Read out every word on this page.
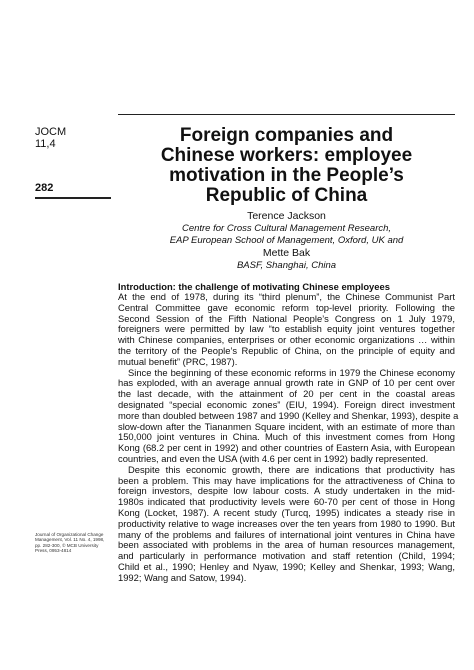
JOCM
11,4
282
Foreign companies and
Chinese workers: employee
motivation in the People’s
Republic of China
Terence Jackson
Centre for Cross Cultural Management Research,
EAP European School of Management, Oxford, UK and
Mette Bak
BASF, Shanghai, China
Introduction: the challenge of motivating Chinese employees
At the end of 1978, during its “third plenum”, the Chinese Communist Part
Central Committee gave economic reform top-level priority. Following the
Second Session of the Fifth National People’s Congress on 1 July 1979,
foreigners were permitted by law “to establish equity joint ventures together
with Chinese companies, enterprises or other economic organizations … within
the territory of the People’s Republic of China, on the principle of equity and
mutual benefit” (PRC, 1987).
Since the beginning of these economic reforms in 1979 the Chinese economy
has exploded, with an average annual growth rate in GNP of 10 per cent over
the last decade, with the attainment of 20 per cent in the coastal areas
designated “special economic zones” (EIU, 1994). Foreign direct investment
more than doubled between 1987 and 1990 (Kelley and Shenkar, 1993), despite a
slow-down after the Tiananmen Square incident, with an estimate of more than
150,000 joint ventures in China. Much of this investment comes from Hong
Kong (68.2 per cent in 1992) and other countries of Eastern Asia, with European
countries, and even the USA (with 4.6 per cent in 1992) badly represented.
Despite this economic growth, there are indications that productivity has
been a problem. This may have implications for the attractiveness of China to
foreign investors, despite low labour costs. A study undertaken in the mid-
1980s indicated that productivity levels were 60-70 per cent of those in Hong
Kong (Locket, 1987). A recent study (Turcq, 1995) indicates a steady rise in
productivity relative to wage increases over the ten years from 1980 to 1990. But
many of the problems and failures of international joint ventures in China have
been associated with problems in the area of human resources management,
and particularly in performance motivation and staff retention (Child, 1994;
Child et al., 1990; Henley and Nyaw, 1990; Kelley and Shenkar, 1993; Wang,
1992; Wang and Satow, 1994).
Journal of Organizational Change
Management, Vol. 11 No. 4, 1998,
pp. 282-300, © MCB University
Press, 0953-4814
